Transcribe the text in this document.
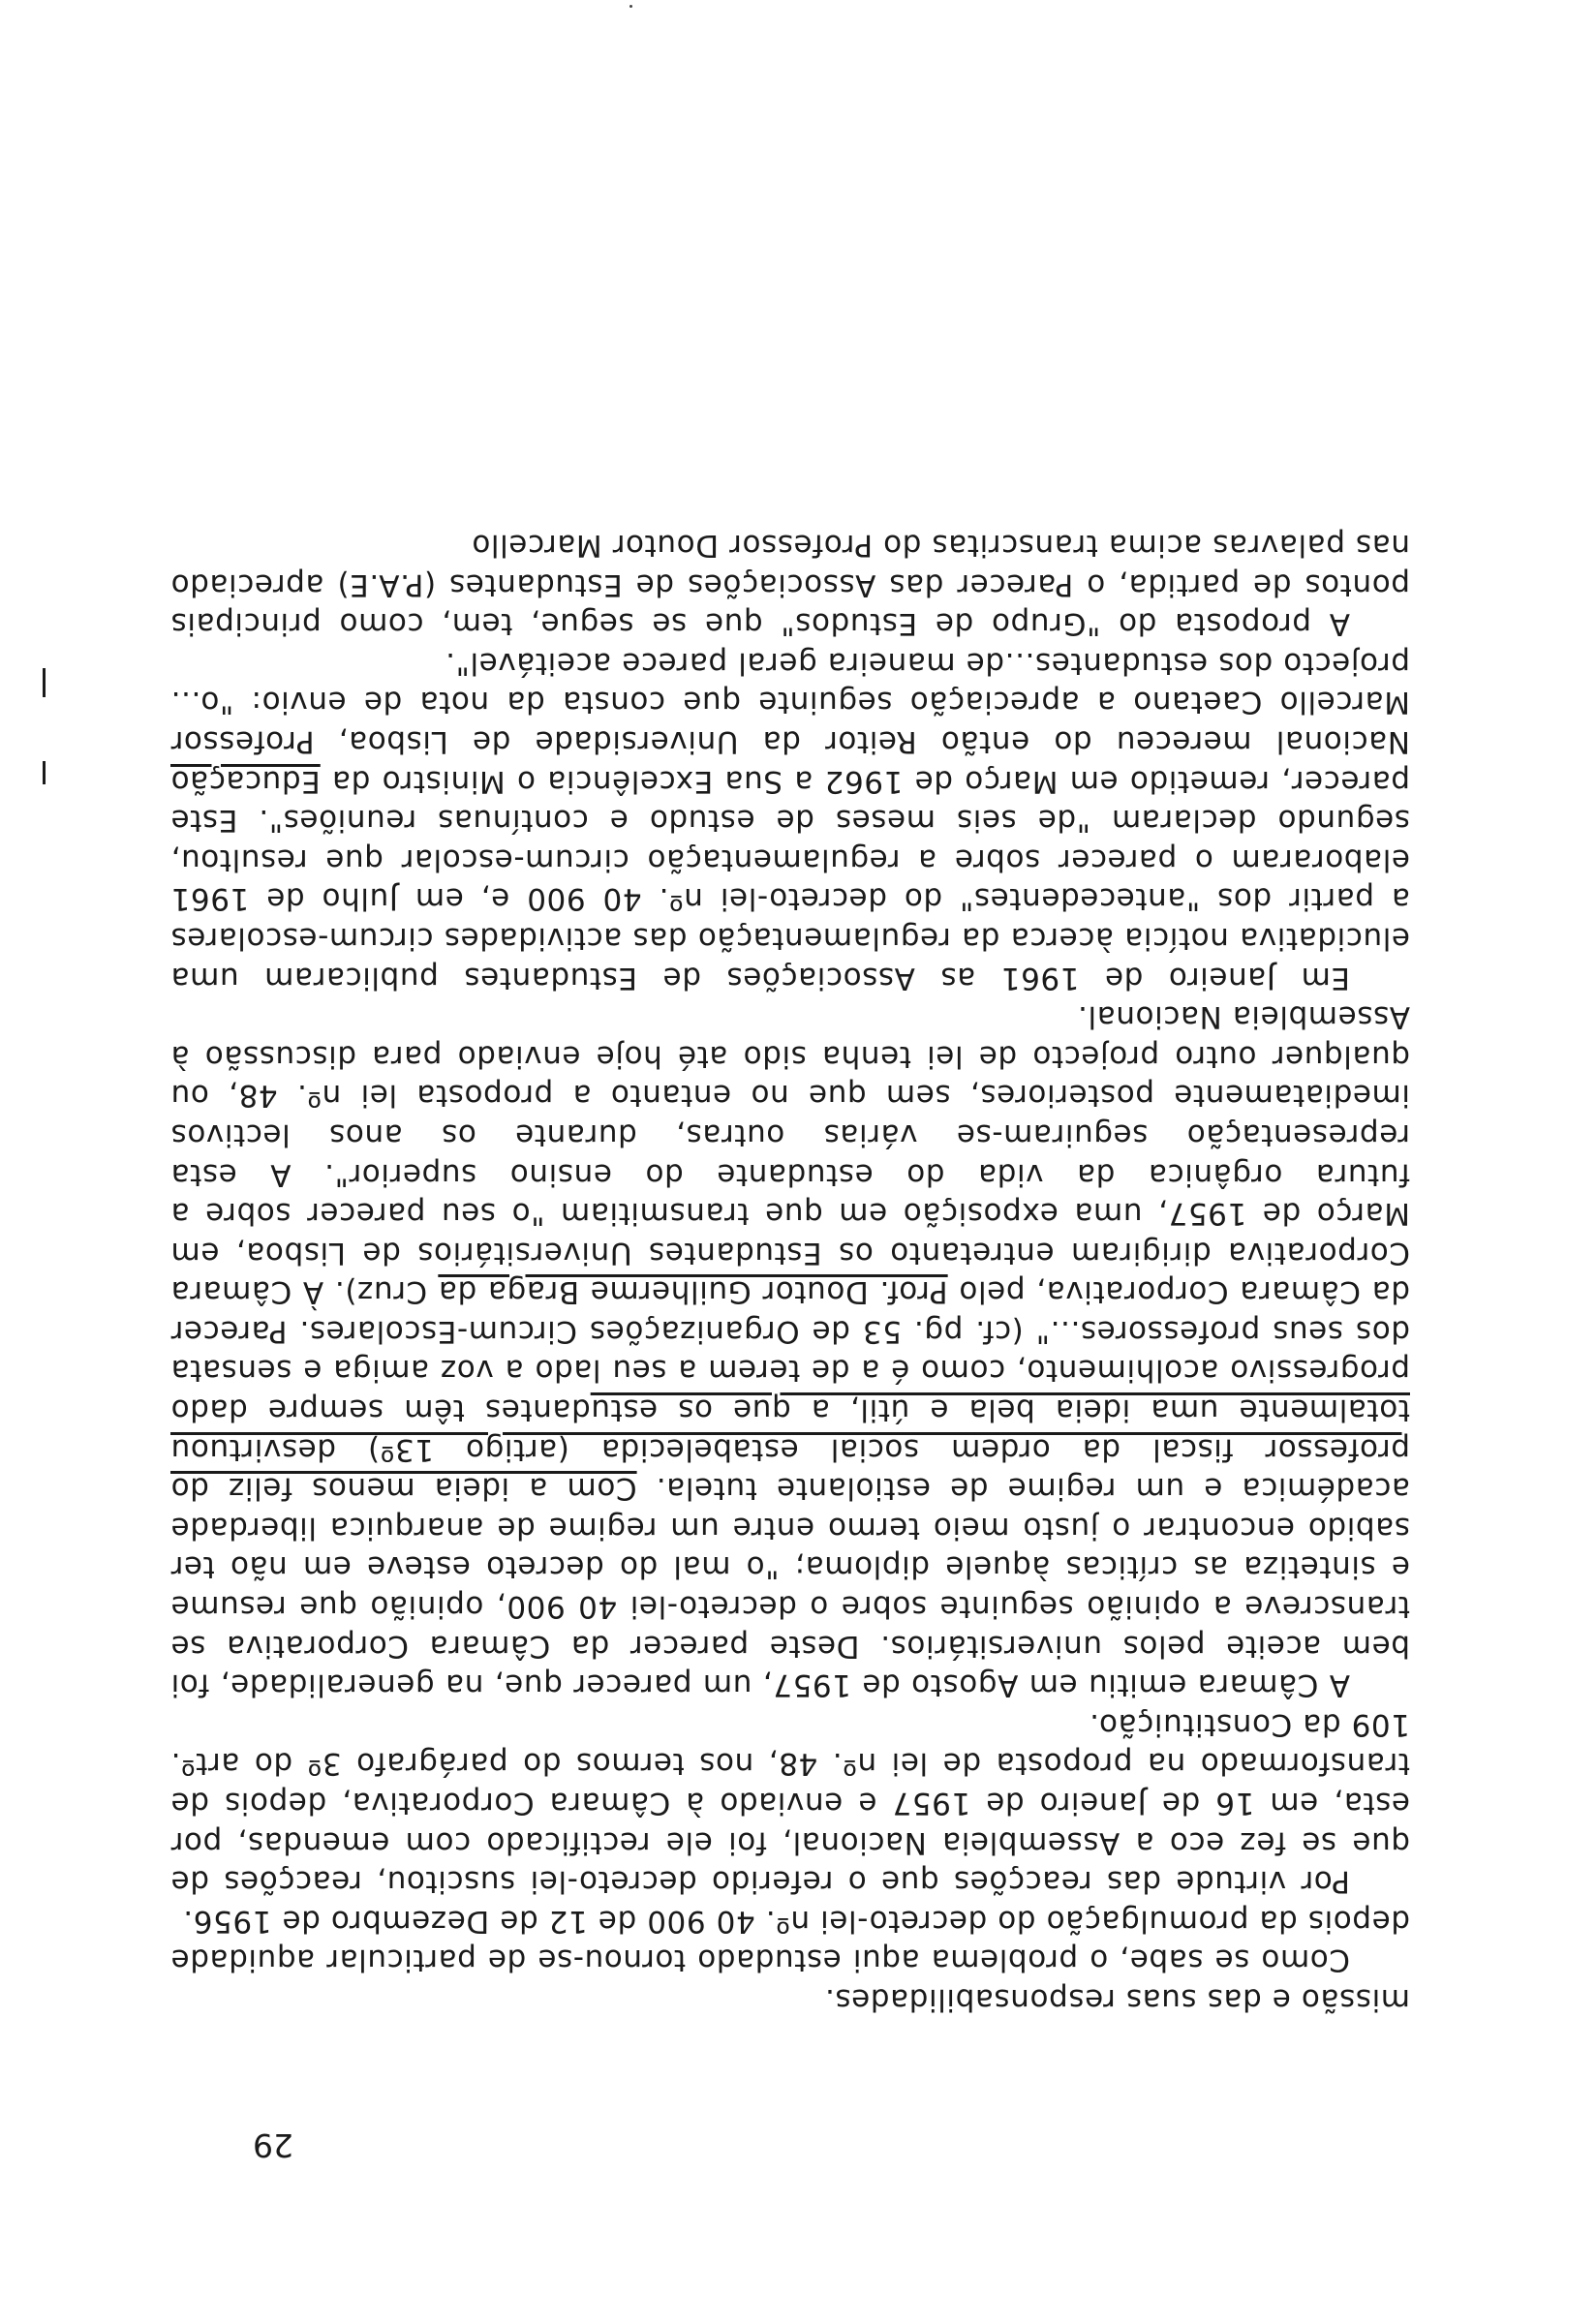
29

missão e das suas responsabilidades.

Como se sabe, o problema aqui estudado tornou-se de particular aquidade depois da promulgação do decreto-lei nº. 40 900 de 12 de Dezembro de 1956.

Por virtude das reacções que o referido decreto-lei suscitou, reacções de que se fez eco a Assembleia Nacional, foi ele rectificado com emendas, por esta, em 16 de Janeiro de 1957 e enviado à Câmara Corporativa, depois de transformado na proposta de lei nº. 48, nos termos do parágrafo 3º do artº. 109 da Constituição.

A Câmara emitiu em Agosto de 1957, um parecer que, na generalidade, foi bem aceite pelos universitários. Deste parecer da Câmara Corporativa se transcreve a opinião seguinte sobre o decreto-lei 40 900, opinião que resume e sintetiza as críticas àquele diploma; "o mal do decreto esteve em não ter sabido encontrar o justo meio termo entre um regime de anarquica liberdade académica e um regime de estiolante tutela. Com a ideia menos feliz do professor fiscal da ordem social estabelecida (artigo 13º) desvirtuou totalmente uma ideia bela e útil, a que os estudantes têm sempre dado progressivo acolhimento, como é a de terem a seu lado a voz amiga e sensata dos seus professores..." (cf. pg. 53 de Organizações Circum-Escolares. Parecer da Câmara Corporativa, pelo Prof. Doutor Guilherme Braga da Cruz). À Câmara Corporativa dirigiram entretanto os Estudantes Universitários de Lisboa, em Março de 1957, uma exposição em que transmitiam "o seu parecer sobre a futura orgânica da vida do estudante do ensino superior". A esta representação seguiram-se várias outras, durante os anos lectivos imediatamente posteriores, sem que no entanto a proposta lei nº. 48, ou qualquer outro projecto de lei tenha sido até hoje enviado para discussão à Assembleia Nacional.

Em Janeiro de 1961 as Associações de Estudantes publicaram uma elucidativa notícia àcerca da regulamentação das actividades circum-escolares a partir dos "antecedentes" do decreto-lei nº. 40 900 e, em Julho de 1961 elaboraram o parecer sobre a regulamentação circum-escolar que resultou, segundo declaram "de seis meses de estudo e contínuas reuniões". Este parecer, remetido em Março de 1962 a Sua Excelência o Ministro da Educação Nacional mereceu do então Reitor da Universidade de Lisboa, Professor Marcello Caetano a apreciação seguinte que consta da nota de envio: "o... projecto dos estudantes...de maneira geral parece aceitável".

A proposta do "Grupo de Estudos" que se segue, tem, como principais pontos de partida, o Parecer das Associações de Estudantes (P.A.E) apreciado nas palavras acima transcritas do Professor Doutor Marcello
